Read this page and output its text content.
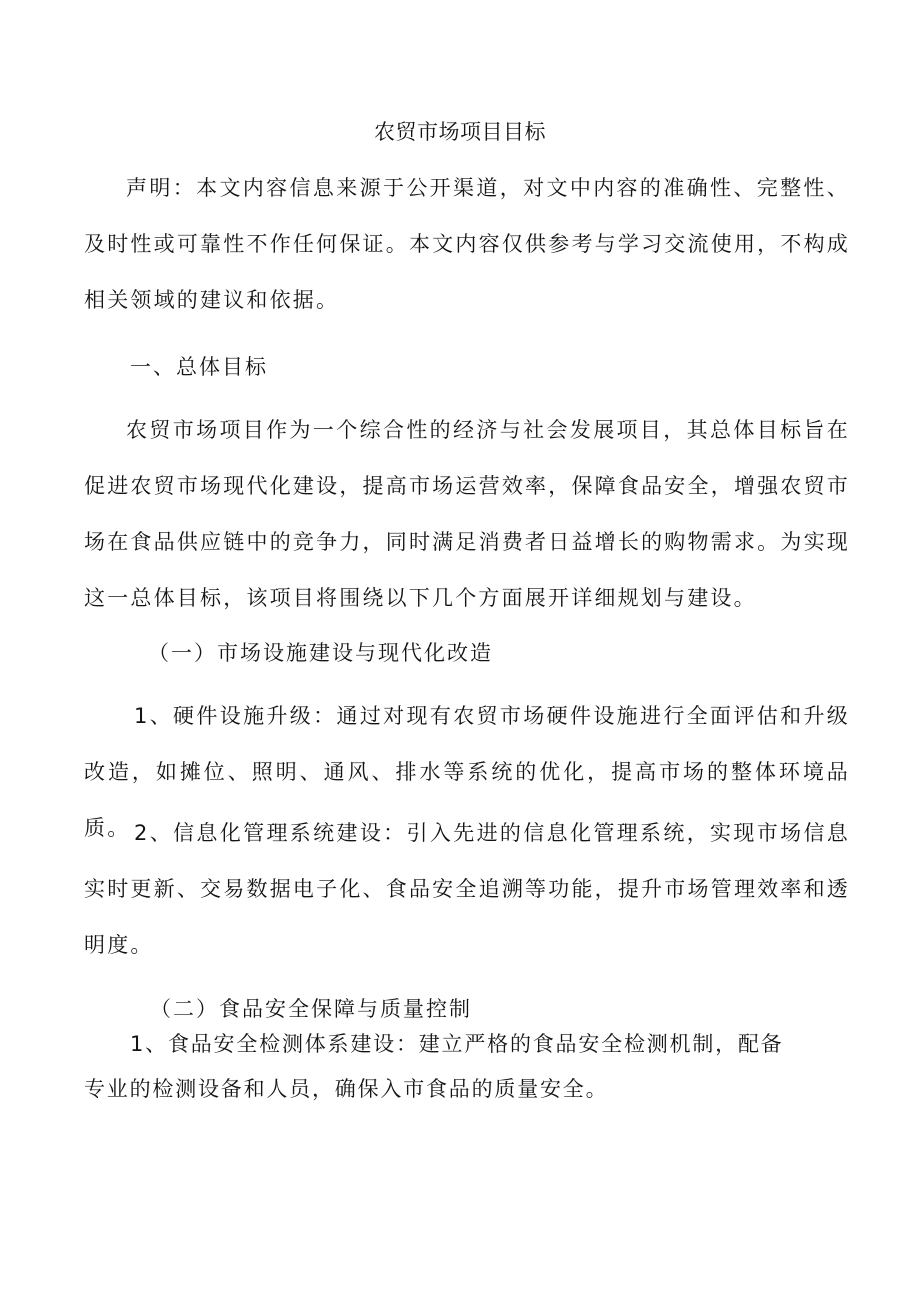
农贸市场项目目标

声明：本文内容信息来源于公开渠道，对文中内容的准确性、完整性、及时性或可靠性不作任何保证。本文内容仅供参考与学习交流使用，不构成相关领域的建议和依据。

一、总体目标

农贸市场项目作为一个综合性的经济与社会发展项目，其总体目标旨在促进农贸市场现代化建设，提高市场运营效率，保障食品安全，增强农贸市场在食品供应链中的竞争力，同时满足消费者日益增长的购物需求。为实现这一总体目标，该项目将围绕以下几个方面展开详细规划与建设。

（一）市场设施建设与现代化改造

1、硬件设施升级：通过对现有农贸市场硬件设施进行全面评估和升级改造，如摊位、照明、通风、排水等系统的优化，提高市场的整体环境品质。 2、信息化管理系统建设：引入先进的信息化管理系统，实现市场信息实时更新、交易数据电子化、食品安全追溯等功能，提升市场管理效率和透明度。

（二）食品安全保障与质量控制

1、食品安全检测体系建设：建立严格的食品安全检测机制，配备
专业的检测设备和人员，确保入市食品的质量安全。
